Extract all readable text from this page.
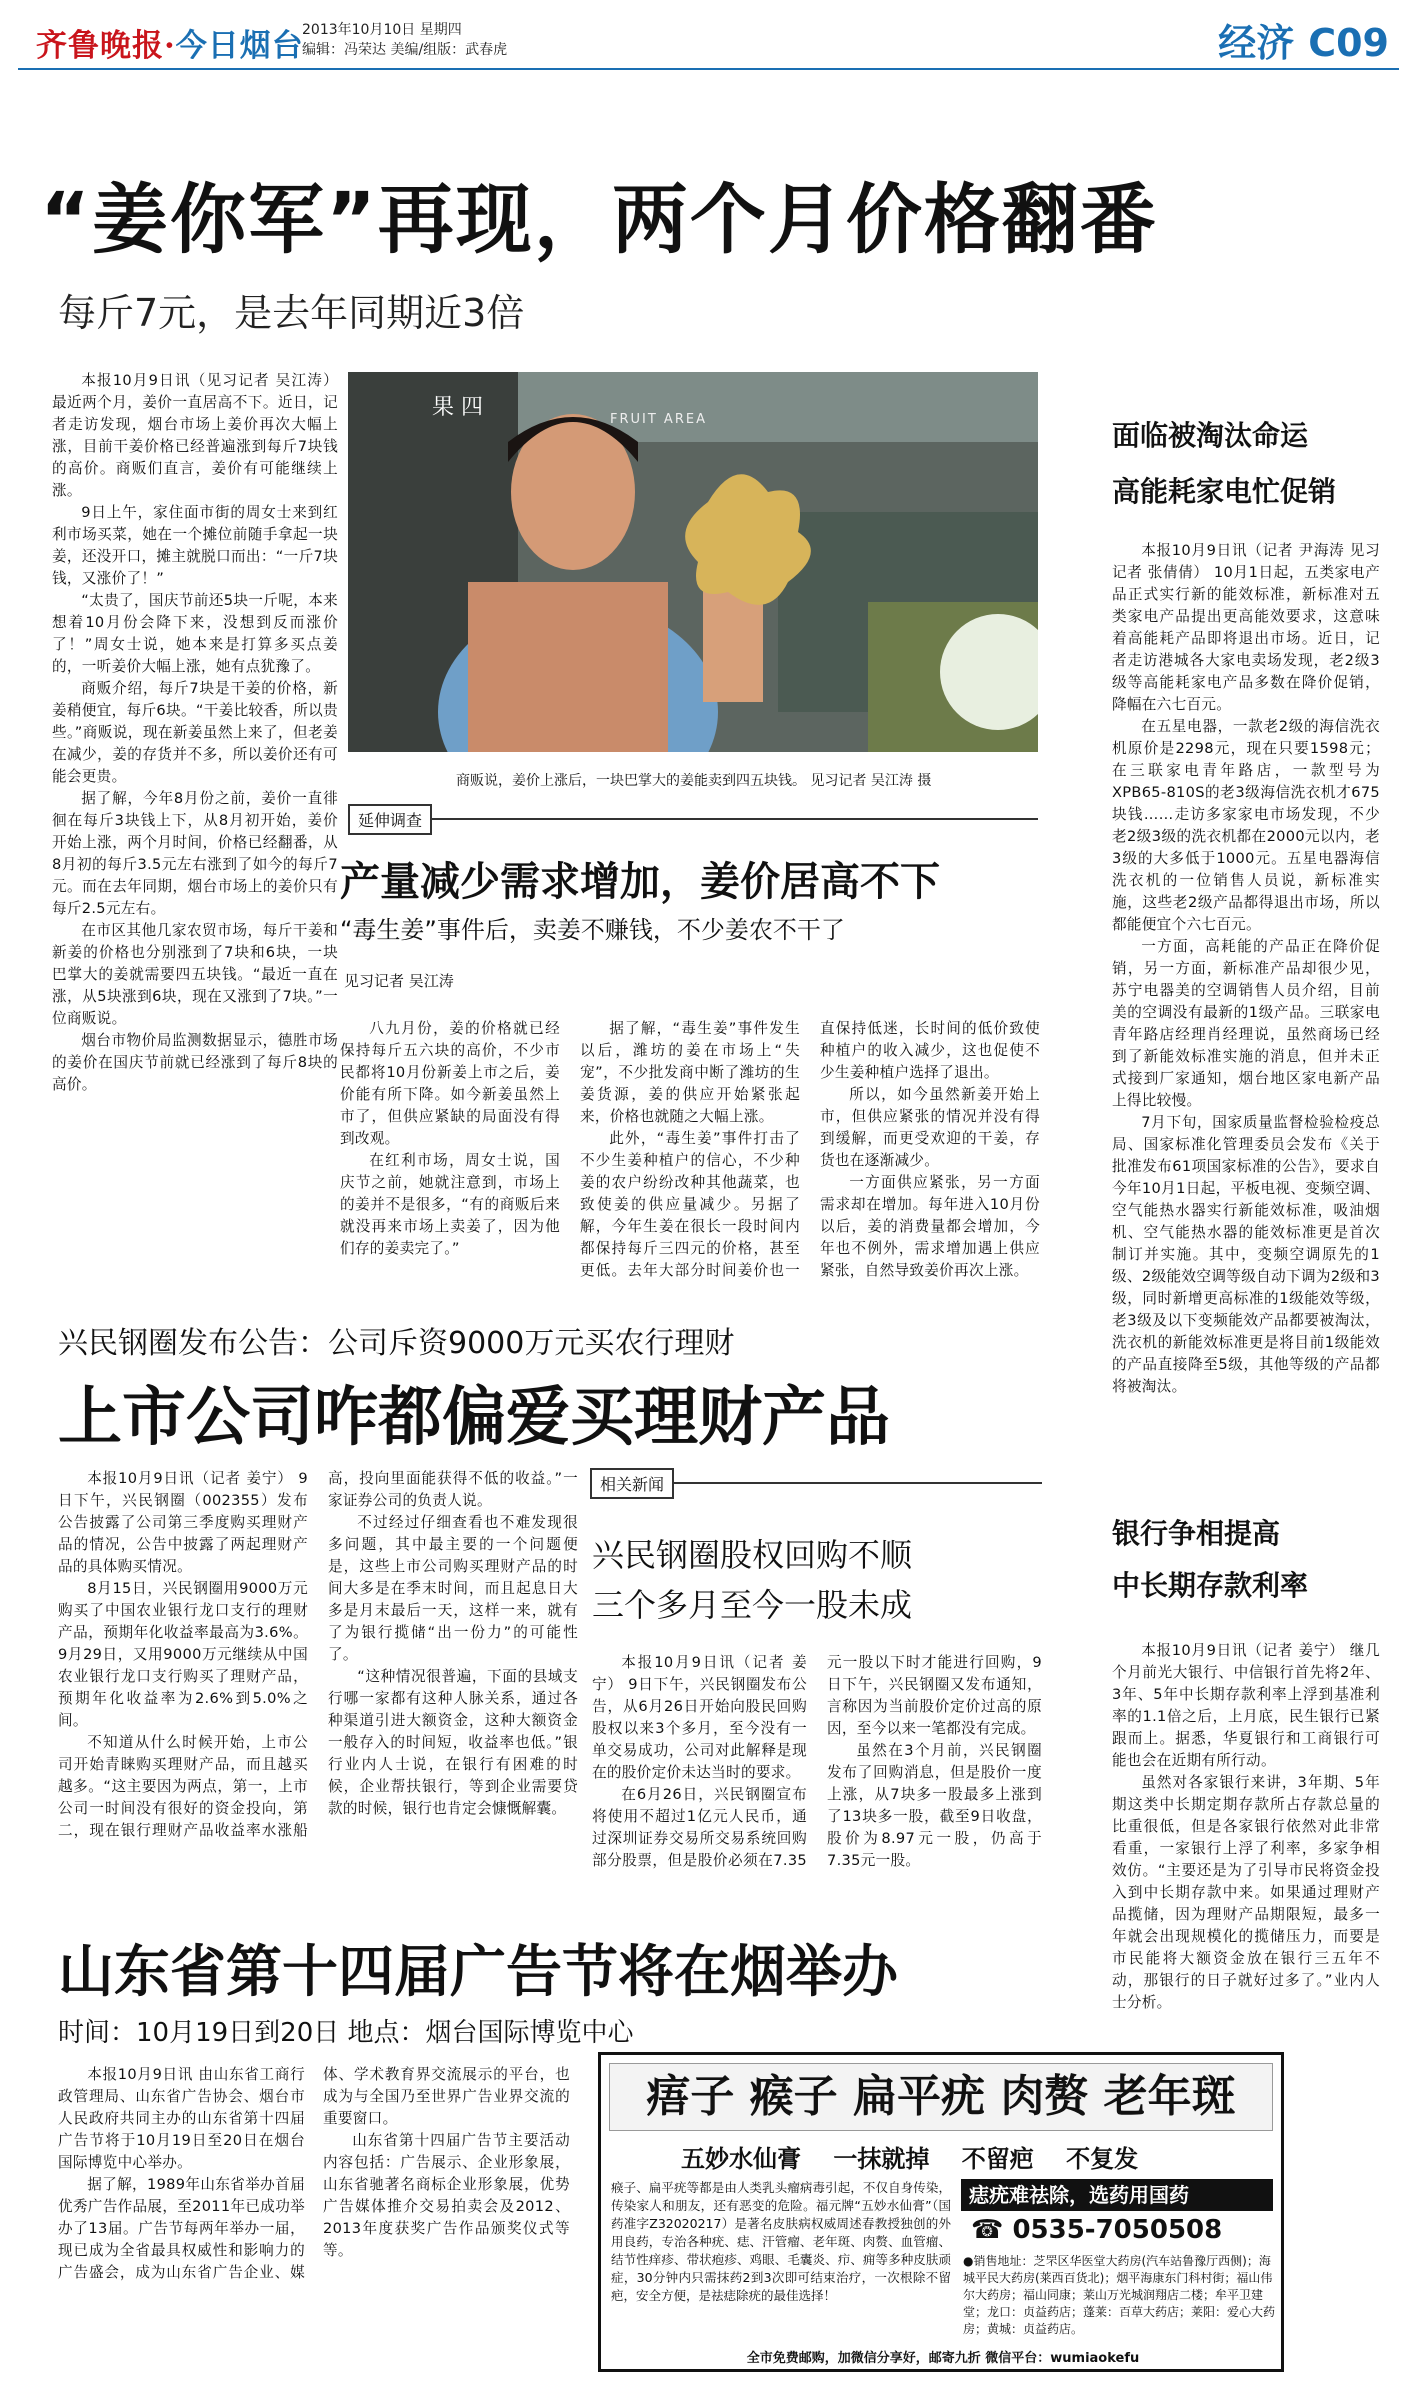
齐鲁晚报·今日烟台
2013年10月10日 星期四
编辑：冯荣达 美编/组版：武春虎	经济 C09
“姜你军”再现，两个月价格翻番
每斤7元，是去年同期近3倍

本报10月9日讯（见习记者 吴江涛） 最近两个月，姜价一直居高不下。近日，记者走访发现，烟台市场上姜价再次大幅上涨，目前干姜价格已经普遍涨到每斤7块钱的高价。商贩们直言，姜价有可能继续上涨。

9日上午，家住面市街的周女士来到红利市场买菜，她在一个摊位前随手拿起一块姜，还没开口，摊主就脱口而出：“一斤7块钱，又涨价了！”

“太贵了，国庆节前还5块一斤呢，本来想着10月份会降下来，没想到反而涨价了！”周女士说，她本来是打算多买点姜的，一听姜价大幅上涨，她有点犹豫了。

商贩介绍，每斤7块是干姜的价格，新姜稍便宜，每斤6块。“干姜比较香，所以贵些。”商贩说，现在新姜虽然上来了，但老姜在减少，姜的存货并不多，所以姜价还有可能会更贵。

据了解，今年8月份之前，姜价一直徘徊在每斤3块钱上下，从8月初开始，姜价开始上涨，两个月时间，价格已经翻番，从8月初的每斤3.5元左右涨到了如今的每斤7元。而在去年同期，烟台市场上的姜价只有每斤2.5元左右。

在市区其他几家农贸市场，每斤干姜和新姜的价格也分别涨到了7块和6块，一块巴掌大的姜就需要四五块钱。“最近一直在涨，从5块涨到6块，现在又涨到了7块。”一位商贩说。

烟台市物价局监测数据显示，德胜市场的姜价在国庆节前就已经涨到了每斤8块的高价。

果 四	FRUIT AREA
商贩说，姜价上涨后，一块巴掌大的姜能卖到四五块钱。 见习记者 吴江涛 摄
延伸调查
产量减少需求增加，姜价居高不下
“毒生姜”事件后，卖姜不赚钱，不少姜农不干了
见习记者 吴江涛

八九月份，姜的价格就已经保持每斤五六块的高价，不少市民都将10月份新姜上市之后，姜价能有所下降。如今新姜虽然上市了，但供应紧缺的局面没有得到改观。

在红利市场，周女士说，国庆节之前，她就注意到，市场上的姜并不是很多，“有的商贩后来就没再来市场上卖姜了，因为他们存的姜卖完了。”

据了解，“毒生姜”事件发生以后，潍坊的姜在市场上“失宠”，不少批发商中断了潍坊的生姜货源，姜的供应开始紧张起来，价格也就随之大幅上涨。

此外，“毒生姜”事件打击了不少生姜种植户的信心，不少种姜的农户纷纷改种其他蔬菜，也致使姜的供应量减少。另据了解，今年生姜在很长一段时间内都保持每斤三四元的价格，甚至更低。去年大部分时间姜价也一直保持低迷，长时间的低价致使种植户的收入减少，这也促使不少生姜种植户选择了退出。

所以，如今虽然新姜开始上市，但供应紧张的情况并没有得到缓解，而更受欢迎的干姜，存货也在逐渐减少。

一方面供应紧张，另一方面需求却在增加。每年进入10月份以后，姜的消费量都会增加，今年也不例外，需求增加遇上供应紧张，自然导致姜价再次上涨。

面临被淘汰命运
高能耗家电忙促销

本报10月9日讯（记者 尹海涛 见习记者 张倩倩） 10月1日起，五类家电产品正式实行新的能效标准，新标准对五类家电产品提出更高能效要求，这意味着高能耗产品即将退出市场。近日，记者走访港城各大家电卖场发现，老2级3级等高能耗家电产品多数在降价促销，降幅在六七百元。

在五星电器，一款老2级的海信洗衣机原价是2298元，现在只要1598元；在三联家电青年路店，一款型号为XPB65-810S的老3级海信洗衣机才675块钱……走访多家家电市场发现，不少老2级3级的洗衣机都在2000元以内，老3级的大多低于1000元。五星电器海信洗衣机的一位销售人员说，新标准实施，这些老2级产品都得退出市场，所以都能便宜个六七百元。

一方面，高耗能的产品正在降价促销，另一方面，新标准产品却很少见，苏宁电器美的空调销售人员介绍，目前美的空调没有最新的1级产品。三联家电青年路店经理肖经理说，虽然商场已经到了新能效标准实施的消息，但并未正式接到厂家通知，烟台地区家电新产品上得比较慢。

7月下旬，国家质量监督检验检疫总局、国家标准化管理委员会发布《关于批准发布61项国家标准的公告》，要求自今年10月1日起，平板电视、变频空调、空气能热水器实行新能效标准，吸油烟机、空气能热水器的能效标准更是首次制订并实施。其中，变频空调原先的1级、2级能效空调等级自动下调为2级和3级，同时新增更高标准的1级能效等级，老3级及以下变频能效产品都要被淘汰，洗衣机的新能效标准更是将目前1级能效的产品直接降至5级，其他等级的产品都将被淘汰。

兴民钢圈发布公告：公司斥资9000万元买农行理财
上市公司咋都偏爱买理财产品

本报10月9日讯（记者 姜宁） 9日下午，兴民钢圈（002355）发布公告披露了公司第三季度购买理财产品的情况，公告中披露了两起理财产品的具体购买情况。

8月15日，兴民钢圈用9000万元购买了中国农业银行龙口支行的理财产品，预期年化收益率最高为3.6%。9月29日，又用9000万元继续从中国农业银行龙口支行购买了理财产品，预期年化收益率为2.6%到5.0%之间。

不知道从什么时候开始，上市公司开始青睐购买理财产品，而且越买越多。“这主要因为两点，第一，上市公司一时间没有很好的资金投向，第二，现在银行理财产品收益率水涨船高，投向里面能获得不低的收益。”一家证券公司的负责人说。

不过经过仔细查看也不难发现很多问题，其中最主要的一个问题便是，这些上市公司购买理财产品的时间大多是在季末时间，而且起息日大多是月末最后一天，这样一来，就有了为银行揽储“出一份力”的可能性了。

“这种情况很普遍，下面的县域支行哪一家都有这种人脉关系，通过各种渠道引进大额资金，这种大额资金一般存入的时间短，收益率也低。”银行业内人士说，在银行有困难的时候，企业帮扶银行，等到企业需要贷款的时候，银行也肯定会慷慨解囊。

相关新闻
兴民钢圈股权回购不顺
三个多月至今一股未成

本报10月9日讯（记者 姜宁） 9日下午，兴民钢圈发布公告，从6月26日开始向股民回购股权以来3个多月，至今没有一单交易成功，公司对此解释是现在的股价定价未达当时的要求。

在6月26日，兴民钢圈宣布将使用不超过1亿元人民币，通过深圳证券交易所交易系统回购部分股票，但是股价必须在7.35元一股以下时才能进行回购，9日下午，兴民钢圈又发布通知，言称因为当前股价定价过高的原因，至今以来一笔都没有完成。

虽然在3个月前，兴民钢圈发布了回购消息，但是股价一度上涨，从7块多一股最多上涨到了13块多一股，截至9日收盘，股价为8.97元一股，仍高于7.35元一股。

银行争相提高
中长期存款利率

本报10月9日讯（记者 姜宁） 继几个月前光大银行、中信银行首先将2年、3年、5年中长期存款利率上浮到基准利率的1.1倍之后，上月底，民生银行已紧跟而上。据悉，华夏银行和工商银行可能也会在近期有所行动。

虽然对各家银行来讲，3年期、5年期这类中长期定期存款所占存款总量的比重很低，但是各家银行依然对此非常看重，一家银行上浮了利率，多家争相效仿。“主要还是为了引导市民将资金投入到中长期存款中来。如果通过理财产品揽储，因为理财产品期限短，最多一年就会出现规模化的揽储压力，而要是市民能将大额资金放在银行三五年不动，那银行的日子就好过多了。”业内人士分析。

山东省第十四届广告节将在烟举办
时间：10月19日到20日 地点：烟台国际博览中心

本报10月9日讯 由山东省工商行政管理局、山东省广告协会、烟台市人民政府共同主办的山东省第十四届广告节将于10月19日至20日在烟台国际博览中心举办。

据了解，1989年山东省举办首届优秀广告作品展，至2011年已成功举办了13届。广告节每两年举办一届，现已成为全省最具权威性和影响力的广告盛会，成为山东省广告企业、媒体、学术教育界交流展示的平台，也成为与全国乃至世界广告业界交流的重要窗口。

山东省第十四届广告节主要活动内容包括：广告展示、企业形象展，山东省驰著名商标企业形象展，优势广告媒体推介交易拍卖会及2012、2013年度获奖广告作品颁奖仪式等等。

痦子 瘊子 扁平疣 肉赘 老年斑
五妙水仙膏 一抹就掉 不留疤 不复发
瘊子、扁平疣等都是由人类乳头瘤病毒引起，不仅自身传染，传染家人和朋友，还有恶变的危险。福元牌“五妙水仙膏”（国药准字Z32020217）是著名皮肤病权威周述春教授独创的外用良药，专治各种疣、痣、汗管瘤、老年斑、肉赘、血管瘤、结节性痒疹、带状疱疹、鸡眼、毛囊炎、疖、痈等多种皮肤顽症，30分钟内只需抹药2到3次即可结束治疗，一次根除不留疤，安全方便，是祛痣除疣的最佳选择！
痣疣难祛除，选药用国药
☎ 0535-7050508
●销售地址：芝罘区华医堂大药房(汽车站鲁豫厅西侧)；海城平民大药房(莱西百货北)；烟平海康东门科村街；福山伟尔大药房；福山同康；莱山万光城润翔店二楼；牟平卫建堂；龙口：贞益药店；蓬莱：百草大药店；莱阳：爱心大药房；黄城：贞益药店。
全市免费邮购，加微信分享好，邮寄九折 微信平台：wumiaokefu
